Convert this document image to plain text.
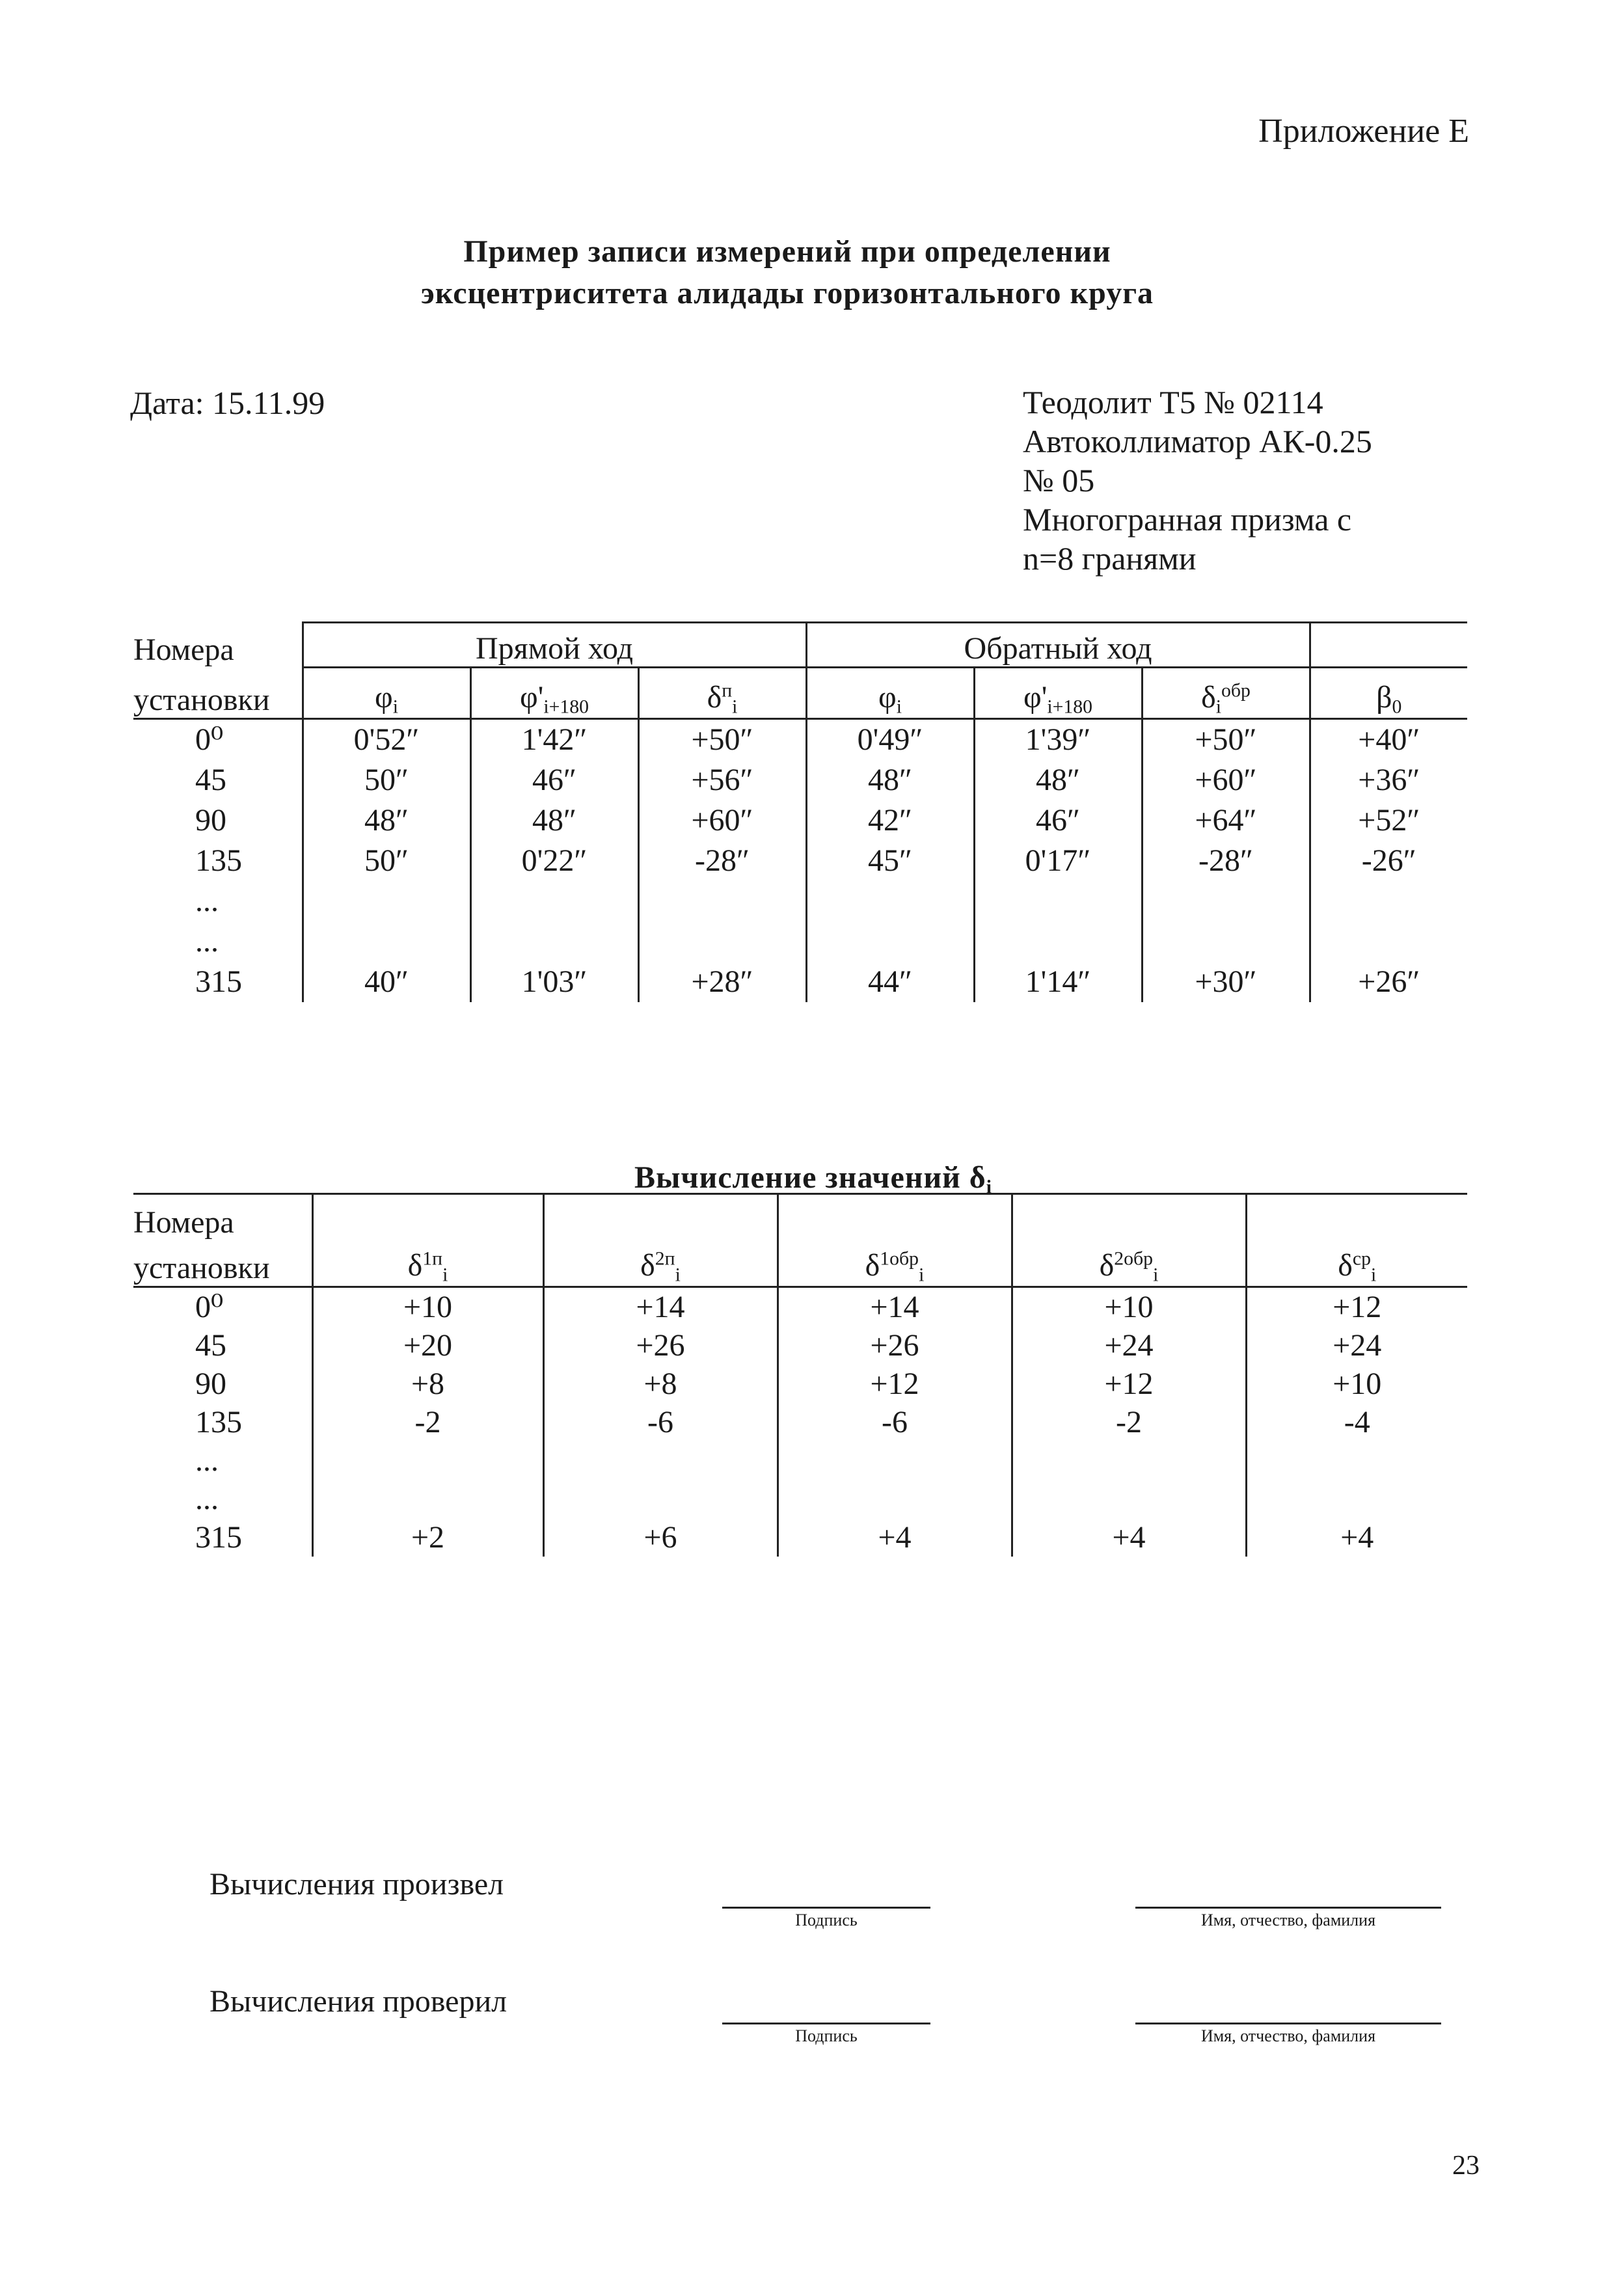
Приложение Е
Пример записи измерений при определении
эксцентриситета алидады горизонтального круга
Дата: 15.11.99	Теодолит Т5 № 02114
Автоколлиматор АК-0.25
№ 05
Многогранная призма с
n=8 гранями
Номера	Прямой ход			Обратный ход			
установки	$\varphi_i$	$\varphi'_{i+180}$	$\delta^п_i$	$\varphi_i$	$\varphi'_{i+180}$	$\delta_i^{обр}$	$\beta_0$
0⁰	0'52″	1'42″	+50″	0'49″	1'39″	+50″	+40″
45	50″	46″	+56″	48″	48″	+60″	+36″
90	48″	48″	+60″	42″	46″	+64″	+52″
135	50″	0'22″	-28″	45″	0'17″	-28″	-26″
...							
...							
315	40″	1'03″	+28″	44″	1'14″	+30″	+26″
Вычисление значений $\delta_i$
Номера					
установки	$\delta^{1п}_i$	$\delta^{2п}_i$	$\delta^{1обр}_i$	$\delta^{2обр}_i$	$\delta^{ср}_i$
0⁰	+10	+14	+14	+10	+12
45	+20	+26	+26	+24	+24
90	+8	+8	+12	+12	+10
135	-2	-6	-6	-2	-4
...					
...					
315	+2	+6	+4	+4	+4
Вычисления произвел
Подпись	Имя, отчество, фамилия
Вычисления проверил
Подпись	Имя, отчество, фамилия
23
